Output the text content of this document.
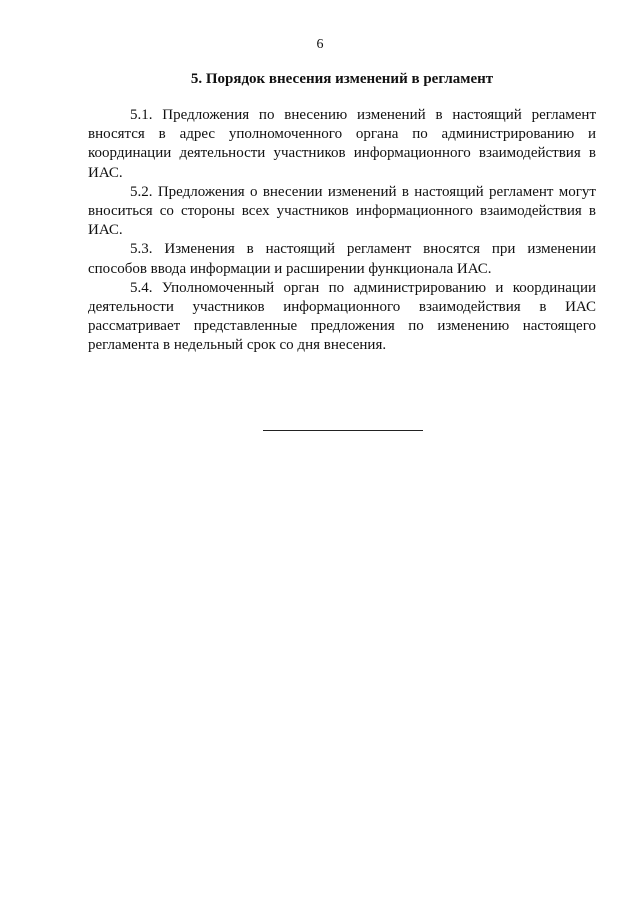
6
5. Порядок внесения изменений в регламент

5.1. Предложения по внесению изменений в настоящий регламент вносятся в адрес уполномоченного органа по администрированию и координации деятельности участников информационного взаимодействия в ИАС.

5.2. Предложения о внесении изменений в настоящий регламент могут вноситься со стороны всех участников информационного взаимодействия в ИАС.

5.3. Изменения в настоящий регламент вносятся при изменении способов ввода информации и расширении функционала ИАС.

5.4. Уполномоченный орган по администрированию и координации деятельности участников информационного взаимодействия в ИАС рассматривает представленные предложения по изменению настоящего регламента в недельный срок со дня внесения.
